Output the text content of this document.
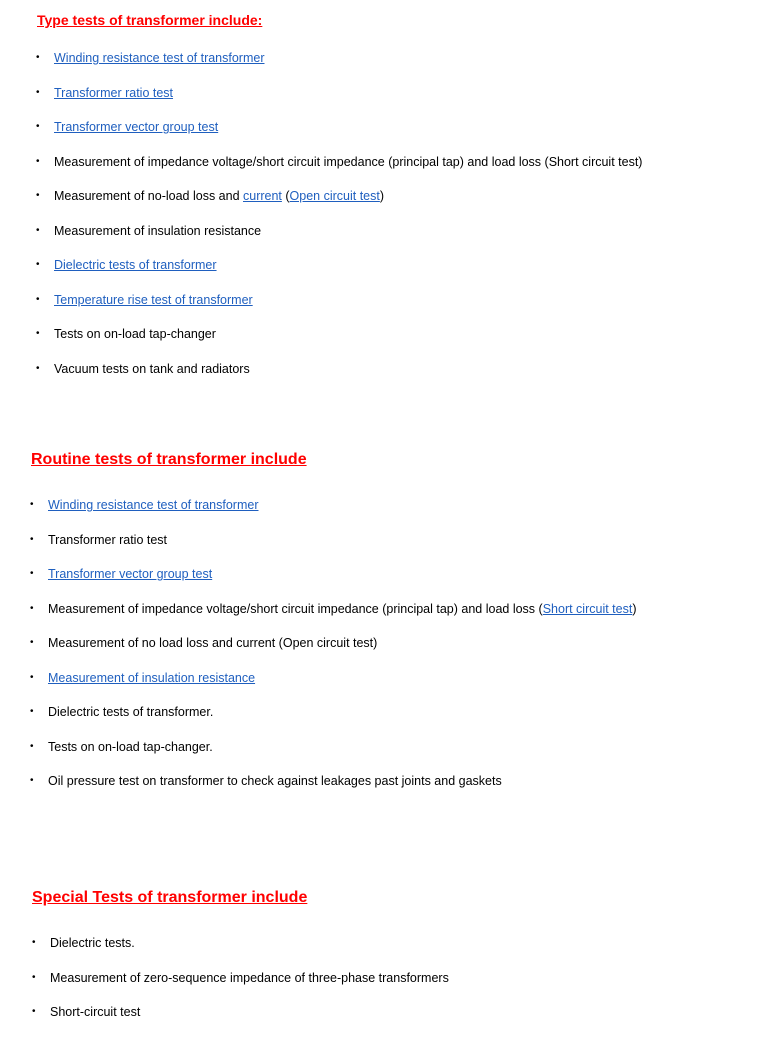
Type tests of transformer include:
• Winding resistance test of transformer
• Transformer ratio test
• Transformer vector group test
• Measurement of impedance voltage/short circuit impedance (principal tap) and load loss (Short circuit test)
• Measurement of no-load loss and current (Open circuit test)
• Measurement of insulation resistance
• Dielectric tests of transformer
• Temperature rise test of transformer
• Tests on on-load tap-changer
• Vacuum tests on tank and radiators
Routine tests of transformer include
• Winding resistance test of transformer
• Transformer ratio test
• Transformer vector group test
• Measurement of impedance voltage/short circuit impedance (principal tap) and load loss (Short circuit test)
• Measurement of no load loss and current (Open circuit test)
• Measurement of insulation resistance
• Dielectric tests of transformer.
• Tests on on-load tap-changer.
• Oil pressure test on transformer to check against leakages past joints and gaskets
Special Tests of transformer include
• Dielectric tests.
• Measurement of zero-sequence impedance of three-phase transformers
• Short-circuit test
